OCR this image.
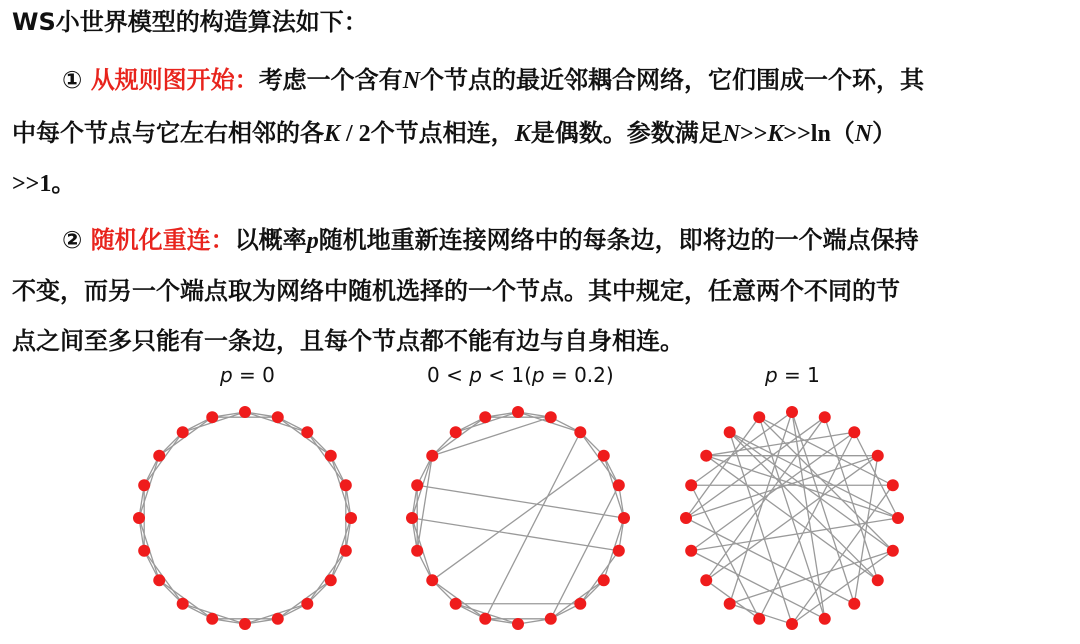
WS小世界模型的构造算法如下：
① 从规则图开始：考虑一个含有N个节点的最近邻耦合网络，它们围成一个环，其
中每个节点与它左右相邻的各K / 2个节点相连，K是偶数。参数满足N>>K>>ln（N）
>>1。
② 随机化重连：以概率p随机地重新连接网络中的每条边，即将边的一个端点保持
不变，而另一个端点取为网络中随机选择的一个节点。其中规定，任意两个不同的节
点之间至多只能有一条边，且每个节点都不能有边与自身相连。
p = 0	0 < p < 1(p = 0.2)	p = 1
